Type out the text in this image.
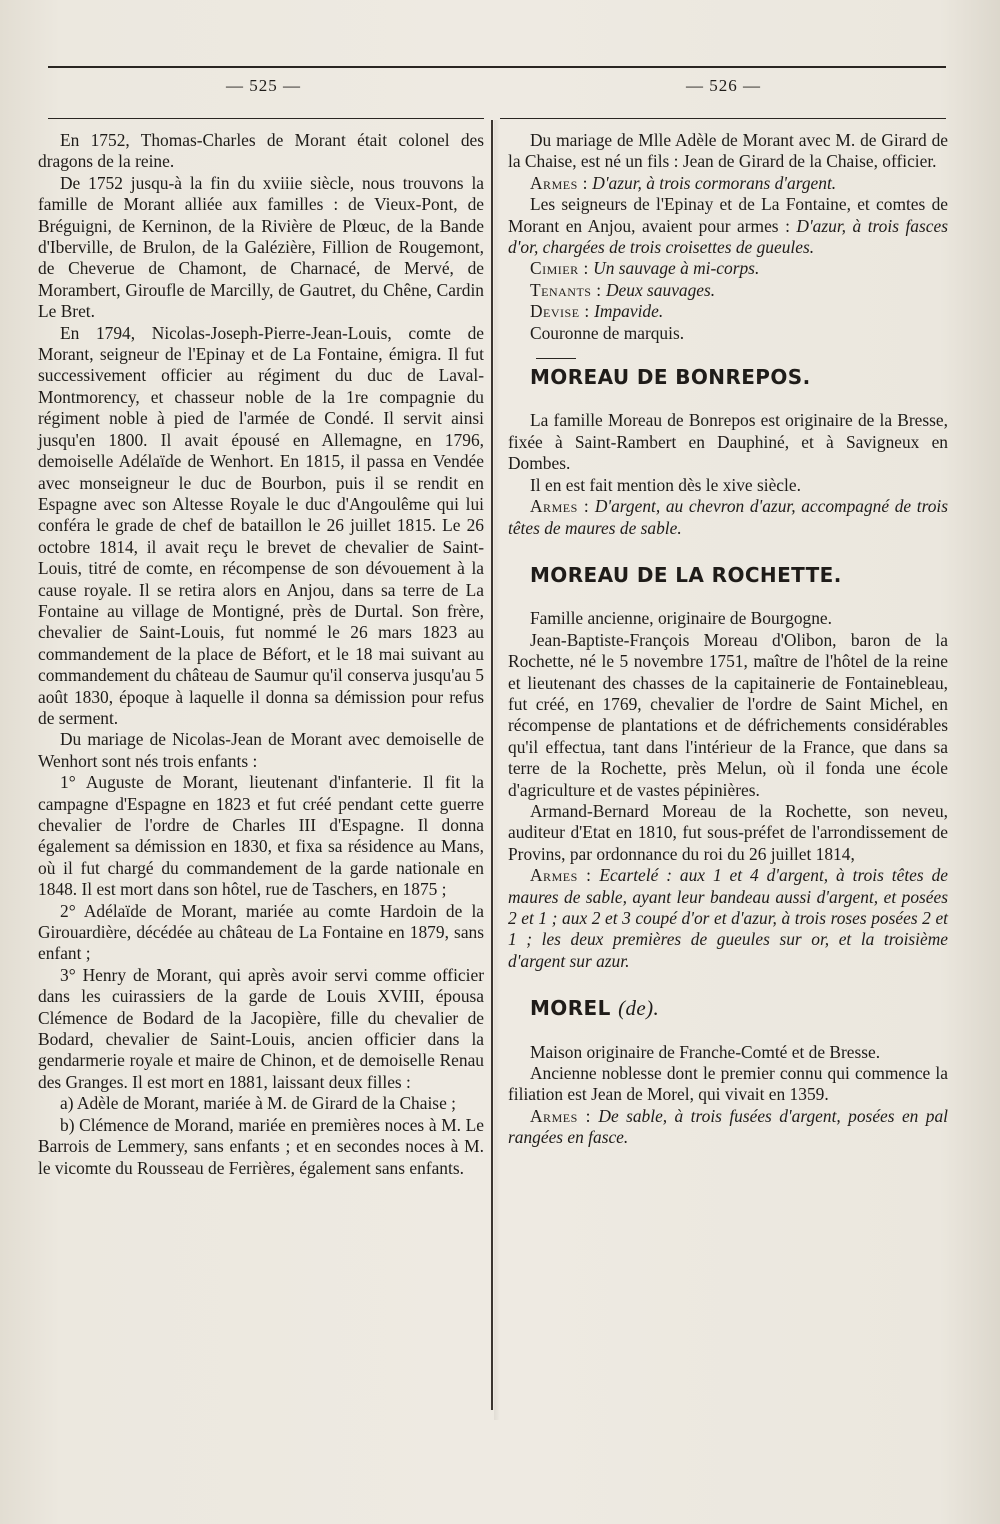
— 525 —	— 526 —

En 1752, Thomas-Charles de Morant était colonel des dragons de la reine.

De 1752 jusqu-à la fin du xviiie siècle, nous trouvons la famille de Morant alliée aux familles : de Vieux-Pont, de Bréguigni, de Kerninon, de la Rivière de Plœuc, de la Bande d'Iberville, de Brulon, de la Galézière, Fillion de Rougemont, de Cheverue de Chamont, de Charnacé, de Mervé, de Morambert, Giroufle de Marcilly, de Gautret, du Chêne, Cardin Le Bret.

En 1794, Nicolas-Joseph-Pierre-Jean-Louis, comte de Morant, seigneur de l'Epinay et de La Fontaine, émigra. Il fut successivement officier au régiment du duc de Laval-Montmorency, et chasseur noble de la 1re compagnie du régiment noble à pied de l'armée de Condé. Il servit ainsi jusqu'en 1800. Il avait épousé en Allemagne, en 1796, demoiselle Adélaïde de Wenhort. En 1815, il passa en Vendée avec monseigneur le duc de Bourbon, puis il se rendit en Espagne avec son Altesse Royale le duc d'Angoulême qui lui conféra le grade de chef de bataillon le 26 juillet 1815. Le 26 octobre 1814, il avait reçu le brevet de chevalier de Saint-Louis, titré de comte, en récompense de son dévouement à la cause royale. Il se retira alors en Anjou, dans sa terre de La Fontaine au village de Montigné, près de Durtal. Son frère, chevalier de Saint-Louis, fut nommé le 26 mars 1823 au commandement de la place de Béfort, et le 18 mai suivant au commandement du château de Saumur qu'il conserva jusqu'au 5 août 1830, époque à laquelle il donna sa démission pour refus de serment.

Du mariage de Nicolas-Jean de Morant avec demoiselle de Wenhort sont nés trois enfants :

1° Auguste de Morant, lieutenant d'infanterie. Il fit la campagne d'Espagne en 1823 et fut créé pendant cette guerre chevalier de l'ordre de Charles III d'Espagne. Il donna également sa démission en 1830, et fixa sa résidence au Mans, où il fut chargé du commandement de la garde nationale en 1848. Il est mort dans son hôtel, rue de Taschers, en 1875 ;

2° Adélaïde de Morant, mariée au comte Hardoin de la Girouardière, décédée au château de La Fontaine en 1879, sans enfant ;

3° Henry de Morant, qui après avoir servi comme officier dans les cuirassiers de la garde de Louis XVIII, épousa Clémence de Bodard de la Jacopière, fille du chevalier de Bodard, chevalier de Saint-Louis, ancien officier dans la gendarmerie royale et maire de Chinon, et de demoiselle Renau des Granges. Il est mort en 1881, laissant deux filles :

a) Adèle de Morant, mariée à M. de Girard de la Chaise ;

b) Clémence de Morand, mariée en premières noces à M. Le Barrois de Lemmery, sans enfants ; et en secondes noces à M. le vicomte du Rousseau de Ferrières, également sans enfants.

Du mariage de Mlle Adèle de Morant avec M. de Girard de la Chaise, est né un fils : Jean de Girard de la Chaise, officier.

Armes : D'azur, à trois cormorans d'argent.

Les seigneurs de l'Epinay et de La Fontaine, et comtes de Morant en Anjou, avaient pour armes : D'azur, à trois fasces d'or, chargées de trois croisettes de gueules.

Cimier : Un sauvage à mi-corps.

Tenants : Deux sauvages.

Devise : Impavide.

Couronne de marquis.

MOREAU DE BONREPOS.

La famille Moreau de Bonrepos est originaire de la Bresse, fixée à Saint-Rambert en Dauphiné, et à Savigneux en Dombes.

Il en est fait mention dès le xive siècle.

Armes : D'argent, au chevron d'azur, accompagné de trois têtes de maures de sable.

MOREAU DE LA ROCHETTE.

Famille ancienne, originaire de Bourgogne.

Jean-Baptiste-François Moreau d'Olibon, baron de la Rochette, né le 5 novembre 1751, maître de l'hôtel de la reine et lieutenant des chasses de la capitainerie de Fontainebleau, fut créé, en 1769, chevalier de l'ordre de Saint Michel, en récompense de plantations et de défrichements considérables qu'il effectua, tant dans l'intérieur de la France, que dans sa terre de la Rochette, près Melun, où il fonda une école d'agriculture et de vastes pépinières.

Armand-Bernard Moreau de la Rochette, son neveu, auditeur d'Etat en 1810, fut sous-préfet de l'arrondissement de Provins, par ordonnance du roi du 26 juillet 1814,

Armes : Ecartelé : aux 1 et 4 d'argent, à trois têtes de maures de sable, ayant leur bandeau aussi d'argent, et posées 2 et 1 ; aux 2 et 3 coupé d'or et d'azur, à trois roses posées 2 et 1 ; les deux premières de gueules sur or, et la troisième d'argent sur azur.

MOREL (de).

Maison originaire de Franche-Comté et de Bresse.

Ancienne noblesse dont le premier connu qui commence la filiation est Jean de Morel, qui vivait en 1359.

Armes : De sable, à trois fusées d'argent, posées en pal rangées en fasce.
